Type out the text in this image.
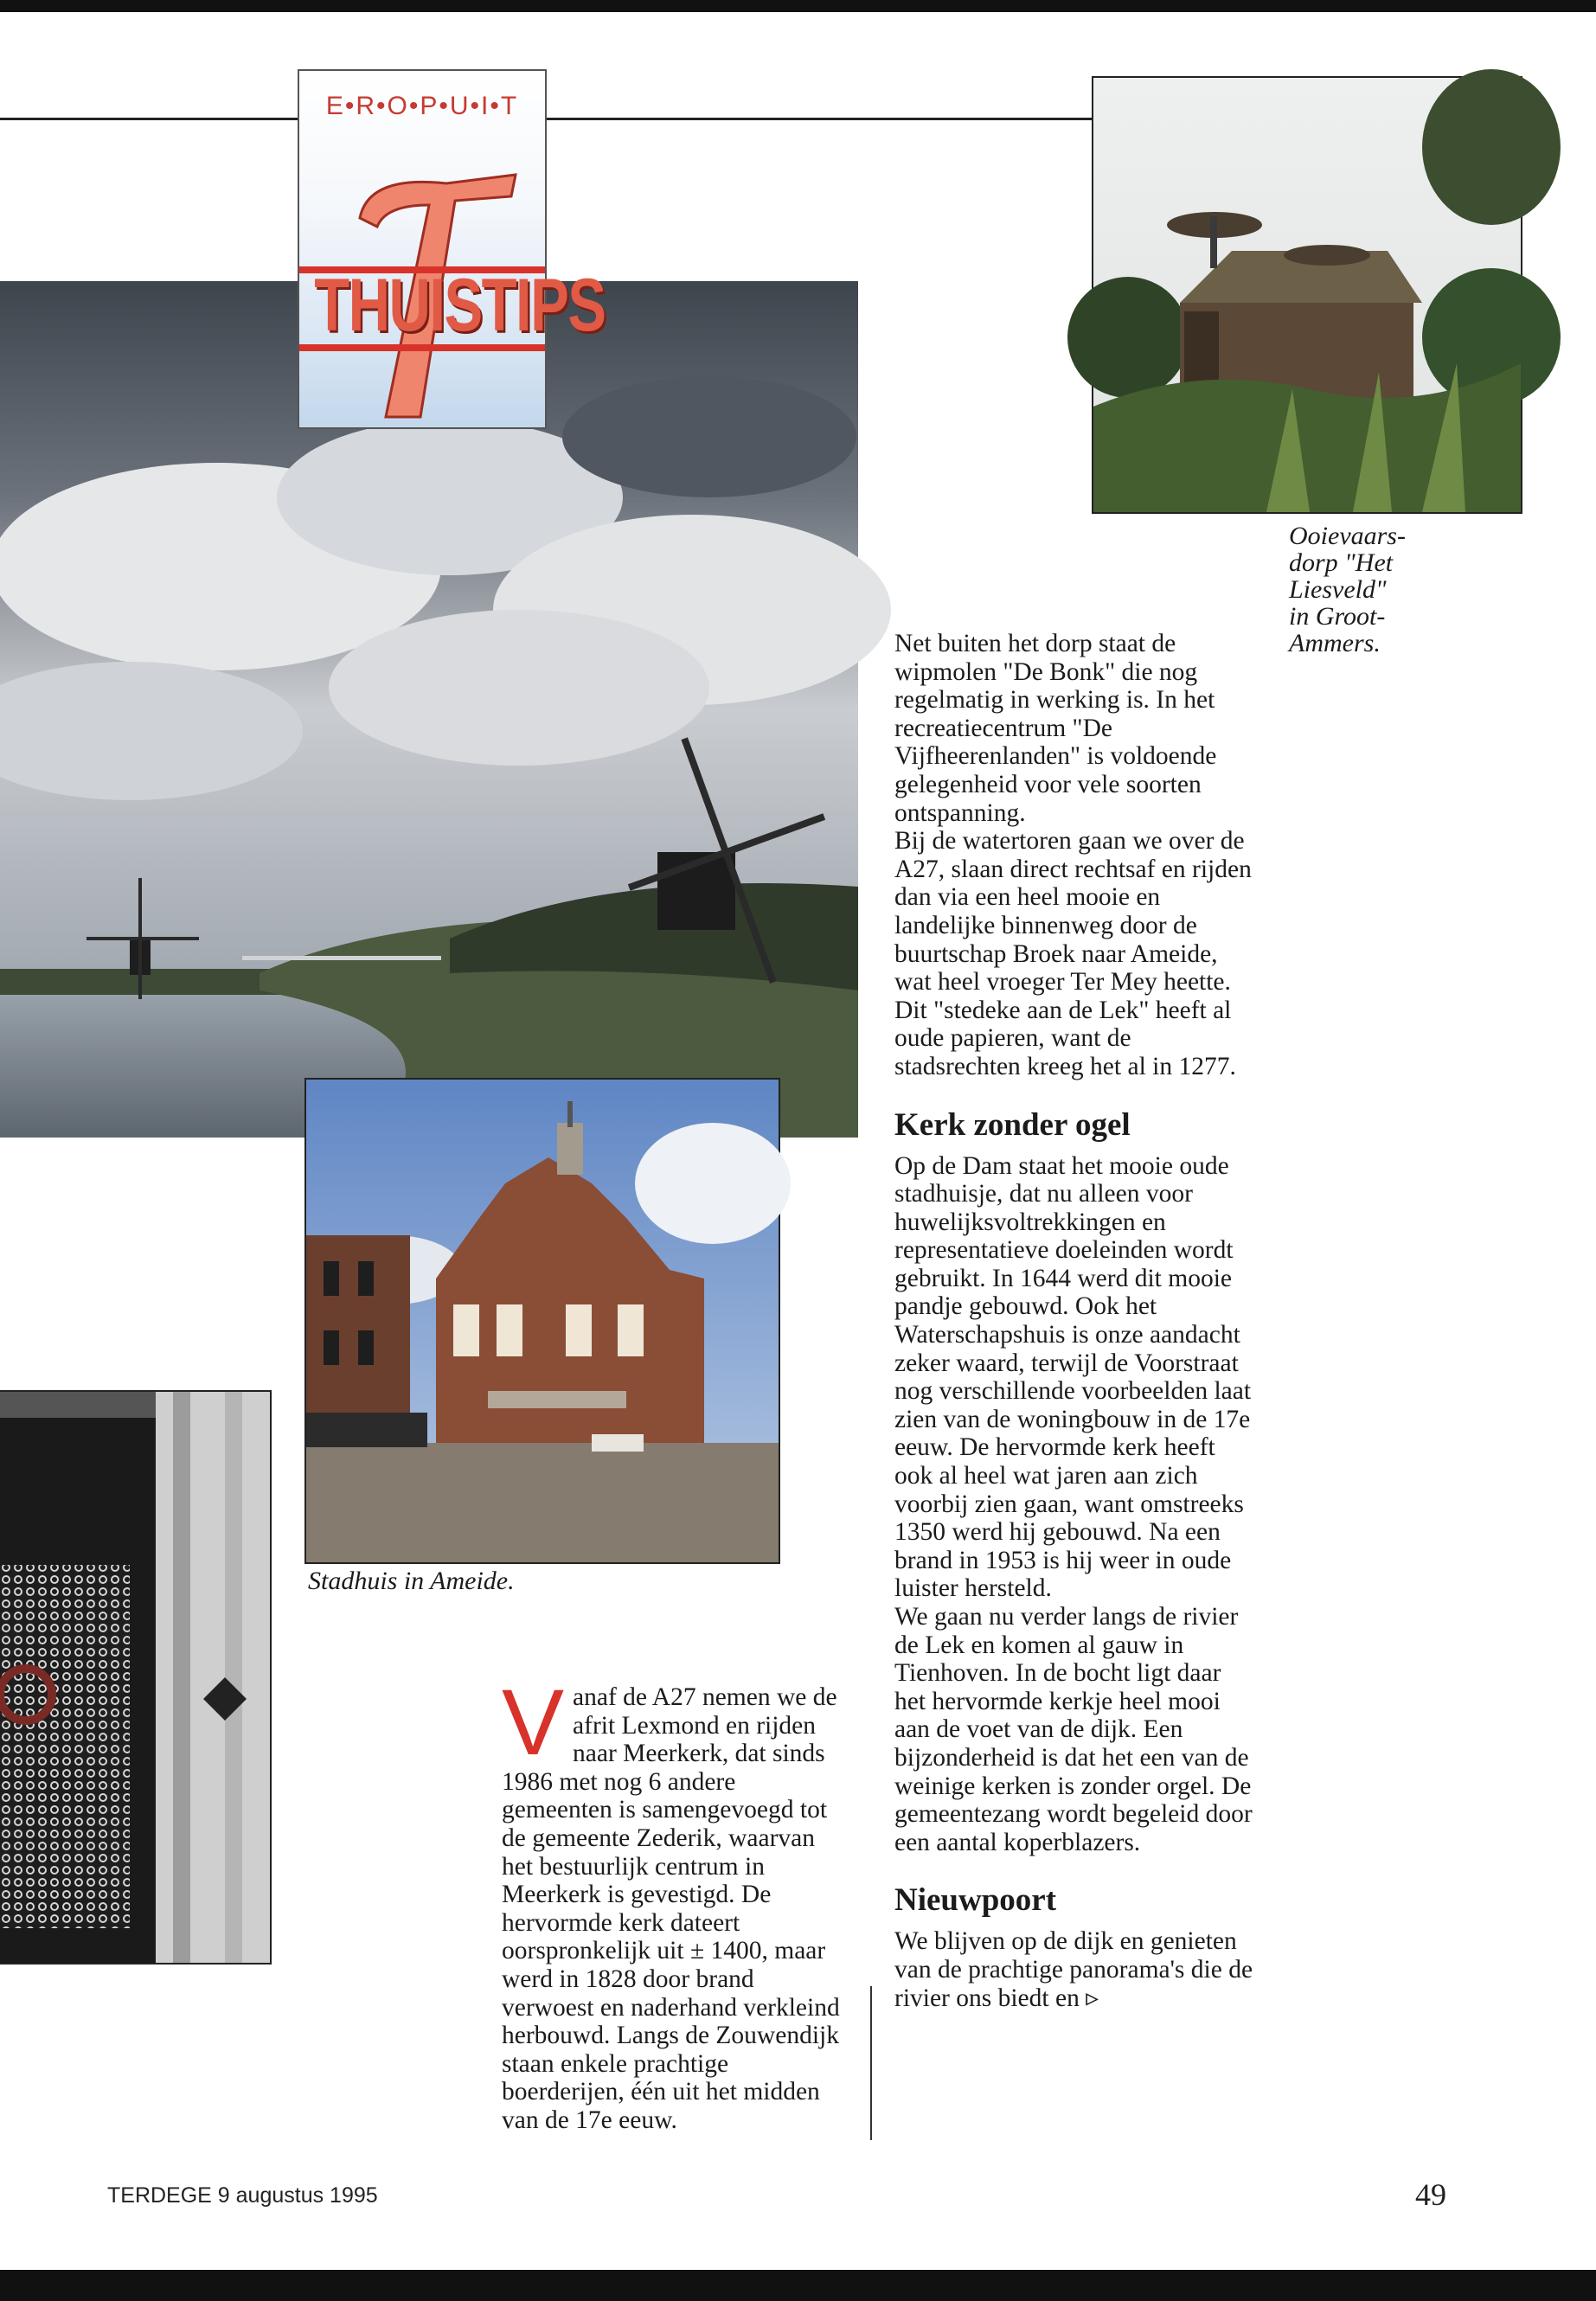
E•R•O•P•U•I•T
THUISTIPS
Ooievaars-
dorp "Het
Liesveld"
in Groot-
Ammers.
Stadhuis in Ameide.
Vanaf de A27 nemen we de afrit Lexmond en rijden naar Meerkerk, dat sinds 1986 met nog 6 andere gemeenten is samengevoegd tot de gemeente Zederik, waarvan het bestuurlijk centrum in Meerkerk is gevestigd. De hervormde kerk dateert oorspronkelijk uit ± 1400, maar werd in 1828 door brand verwoest en naderhand verkleind herbouwd. Langs de Zouwendijk staan enkele prachtige boerderijen, één uit het midden van de 17e eeuw.

Net buiten het dorp staat de wipmolen "De Bonk" die nog regelmatig in werking is. In het recreatiecentrum "De Vijfheerenlanden" is voldoende gelegenheid voor vele soorten ontspanning.

Bij de watertoren gaan we over de A27, slaan direct rechtsaf en rijden dan via een heel mooie en landelijke binnenweg door de buurtschap Broek naar Ameide, wat heel vroeger Ter Mey heette. Dit "stedeke aan de Lek" heeft al oude papieren, want de stadsrechten kreeg het al in 1277.

Kerk zonder ogel

Op de Dam staat het mooie oude stadhuisje, dat nu alleen voor huwelijksvoltrekkingen en representatieve doeleinden wordt gebruikt. In 1644 werd dit mooie pandje gebouwd. Ook het Waterschapshuis is onze aandacht zeker waard, terwijl de Voorstraat nog verschillende voorbeelden laat zien van de woningbouw in de 17e eeuw. De hervormde kerk heeft ook al heel wat jaren aan zich voorbij zien gaan, want omstreeks 1350 werd hij gebouwd. Na een brand in 1953 is hij weer in oude luister hersteld.

We gaan nu verder langs de rivier de Lek en komen al gauw in Tienhoven. In de bocht ligt daar het hervormde kerkje heel mooi aan de voet van de dijk. Een bijzonderheid is dat het een van de weinige kerken is zonder orgel. De gemeentezang wordt begeleid door een aantal koperblazers.

Nieuwpoort

We blijven op de dijk en genieten van de prachtige panorama's die de rivier ons biedt en ▹

TERDEGE 9 augustus 1995	49
